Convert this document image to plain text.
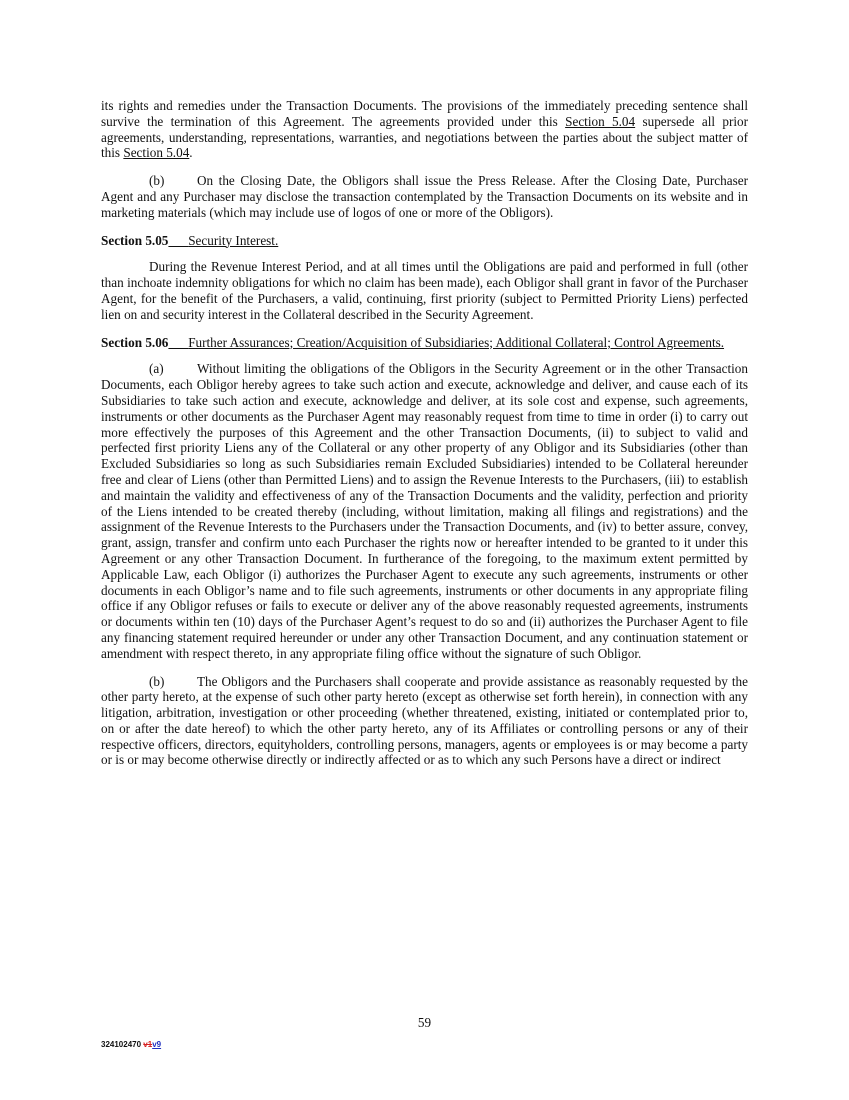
its rights and remedies under the Transaction Documents. The provisions of the immediately preceding sentence shall survive the termination of this Agreement. The agreements provided under this Section 5.04 supersede all prior agreements, understanding, representations, warranties, and negotiations between the parties about the subject matter of this Section 5.04.

(b) On the Closing Date, the Obligors shall issue the Press Release. After the Closing Date, Purchaser Agent and any Purchaser may disclose the transaction contemplated by the Transaction Documents on its website and in marketing materials (which may include use of logos of one or more of the Obligors).

Section 5.05 Security Interest.

During the Revenue Interest Period, and at all times until the Obligations are paid and performed in full (other than inchoate indemnity obligations for which no claim has been made), each Obligor shall grant in favor of the Purchaser Agent, for the benefit of the Purchasers, a valid, continuing, first priority (subject to Permitted Priority Liens) perfected lien on and security interest in the Collateral described in the Security Agreement.

Section 5.06 Further Assurances; Creation/Acquisition of Subsidiaries; Additional Collateral; Control Agreements.

(a)	Without limiting the obligations of the Obligors in the Security Agreement or in the other Transaction Documents, each Obligor hereby agrees to take such action and execute, acknowledge and deliver, and cause each of its Subsidiaries to take such action and execute, acknowledge and deliver, at its sole cost and expense, such agreements, instruments or other documents as the Purchaser Agent may reasonably request from time to time in order (i) to carry out more effectively the purposes of this Agreement and the other Transaction Documents, (ii) to subject to valid and perfected first priority Liens any of the Collateral or any other property of any Obligor and its Subsidiaries (other than Excluded Subsidiaries so long as such Subsidiaries remain Excluded Subsidiaries) intended to be Collateral hereunder free and clear of Liens (other than Permitted Liens) and to assign the Revenue Interests to the Purchasers, (iii) to establish and maintain the validity and effectiveness of any of the Transaction Documents and the validity, perfection and priority of the Liens intended to be created thereby (including, without limitation, making all filings and registrations) and the assignment of the Revenue Interests to the Purchasers under the Transaction Documents, and (iv) to better assure, convey, grant, assign, transfer and confirm unto each Purchaser the rights now or hereafter intended to be granted to it under this Agreement or any other Transaction Document. In furtherance of the foregoing, to the maximum extent permitted by Applicable Law, each Obligor (i) authorizes the Purchaser Agent to execute any such agreements, instruments or other documents in each Obligor’s name and to file such agreements, instruments or other documents in any appropriate filing office if any Obligor refuses or fails to execute or deliver any of the above reasonably requested agreements, instruments or documents within ten (10) days of the Purchaser Agent’s request to do so and (ii) authorizes the Purchaser Agent to file any financing statement required hereunder or under any other Transaction Document, and any continuation statement or amendment with respect thereto, in any appropriate filing office without the signature of such Obligor.

(b) The Obligors and the Purchasers shall cooperate and provide assistance as reasonably requested by the other party hereto, at the expense of such other party hereto (except as otherwise set forth herein), in connection with any litigation, arbitration, investigation or other proceeding (whether threatened, existing, initiated or contemplated prior to, on or after the date hereof) to which the other party hereto, any of its Affiliates or controlling persons or any of their respective officers, directors, equityholders, controlling persons, managers, agents or employees is or may become a party or is or may become otherwise directly or indirectly affected or as to which any such Persons have a direct or indirect

59
324102470 v1v9
